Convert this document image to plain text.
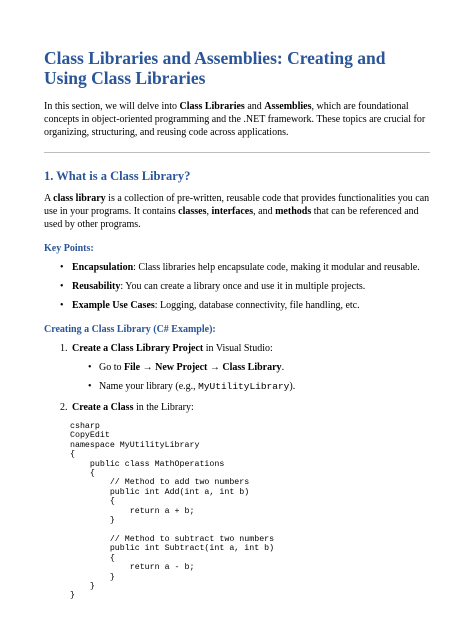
Class Libraries and Assemblies: Creating and Using Class Libraries

In this section, we will delve into Class Libraries and Assemblies, which are foundational concepts in object-oriented programming and the .NET framework. These topics are crucial for organizing, structuring, and reusing code across applications.

1. What is a Class Library?

A class library is a collection of pre-written, reusable code that provides functionalities you can use in your programs. It contains classes, interfaces, and methods that can be referenced and used by other programs.

Key Points:
• Encapsulation: Class libraries help encapsulate code, making it modular and reusable.
• Reusability: You can create a library once and use it in multiple projects.
• Example Use Cases: Logging, database connectivity, file handling, etc.
Creating a Class Library (C# Example):
1. Create a Class Library Project in Visual Studio:
• Go to File → New Project → Class Library.
• Name your library (e.g., MyUtilityLibrary).
2. Create a Class in the Library:
csharp
CopyEdit
namespace MyUtilityLibrary
{
public class MathOperations
{
// Method to add two numbers
public int Add(int a, int b)
{
return a + b;
}

// Method to subtract two numbers
public int Subtract(int a, int b)
{
return a - b;
}
}
}
